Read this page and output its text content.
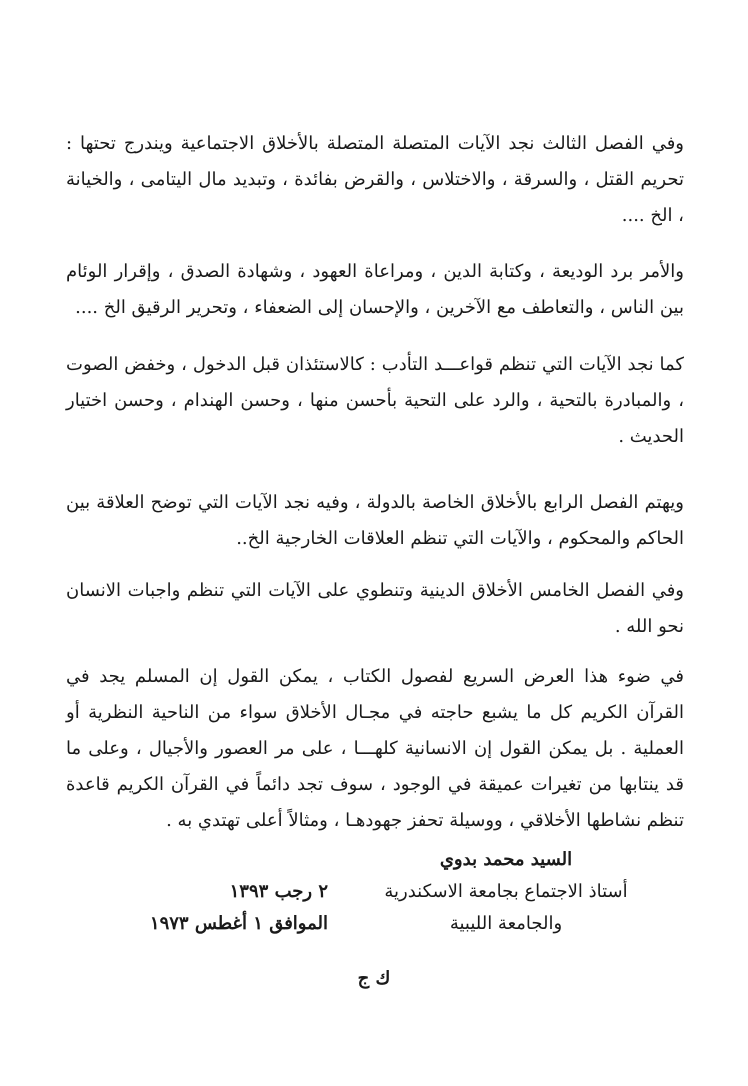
وفي الفصل الثالث نجد الآيات المتصلة المتصلة بالأخلاق الاجتماعية ويندرج تحتها : تحريم القتل ، والسرقة ، والاختلاس ، والقرض بفائدة ، وتبديد مال اليتامى ، والخيانة ، الخ ....

والأمر برد الوديعة ، وكتابة الدين ، ومراعاة العهود ، وشهادة الصدق ، وإقرار الوئام بين الناس ، والتعاطف مع الآخرين ، والإحسان إلى الضعفاء ، وتحرير الرقيق الخ ....

كما نجد الآيات التي تنظم قواعـــد التأدب : كالاستئذان قبل الدخول ، وخفض الصوت ، والمبادرة بالتحية ، والرد على التحية بأحسن منها ، وحسن الهندام ، وحسن اختيار الحديث .

ويهتم الفصل الرابع بالأخلاق الخاصة بالدولة ، وفيه نجد الآيات التي توضح العلاقة بين الحاكم والمحكوم ، والآيات التي تنظم العلاقات الخارجية الخ..

وفي الفصل الخامس الأخلاق الدينية وتنطوي على الآيات التي تنظم واجبات الانسان نحو الله .

في ضوء هذا العرض السريع لفصول الكتاب ، يمكن القول إن المسلم يجد في القرآن الكريم كل ما يشبع حاجته في مجـال الأخلاق سواء من الناحية النظرية أو العملية . بل يمكن القول إن الانسانية كلهـــا ، على مر العصور والأجيال ، وعلى ما قد ينتابها من تغيرات عميقة في الوجود ، سوف تجد دائماً في القرآن الكريم قاعدة تنظم نشاطها الأخلاقي ، ووسيلة تحفز جهودهـا ، ومثالاً أعلى تهتدي به .

السيد محمد بدوي
أستاذ الاجتماع بجامعة الاسكندرية
والجامعة الليبية
٢ رجب ١٣٩٣
الموافق ١ أغطس ١٩٧٣
ك ج
